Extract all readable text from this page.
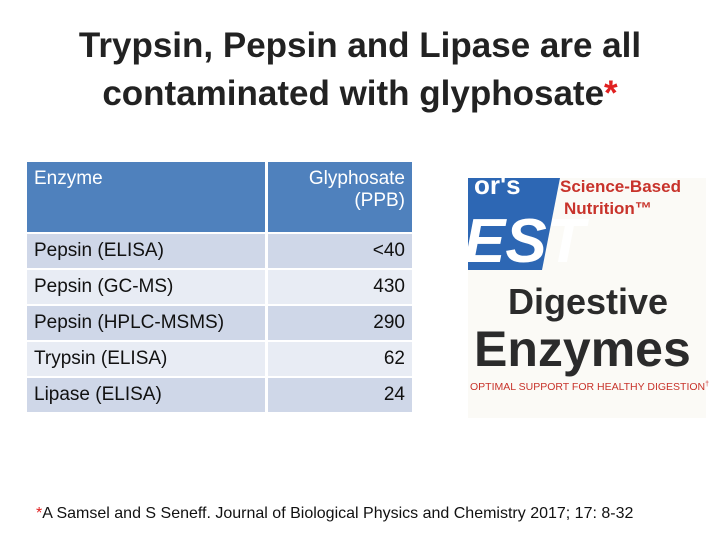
Trypsin, Pepsin and Lipase are all
contaminated with glyphosate*
Enzyme	Glyphosate
(PPB)

Pepsin (ELISA)	<40
Pepsin (GC-MS)	430
Pepsin (HPLC-MSMS)	290
Trypsin (ELISA)	62
Lipase (ELISA)	24
or's
EST
Science-Based
Nutrition™
Digestive
Enzymes
OPTIMAL SUPPORT FOR HEALTHY DIGESTION†
*A Samsel and S Seneff. Journal of Biological Physics and Chemistry 2017; 17: 8-32
